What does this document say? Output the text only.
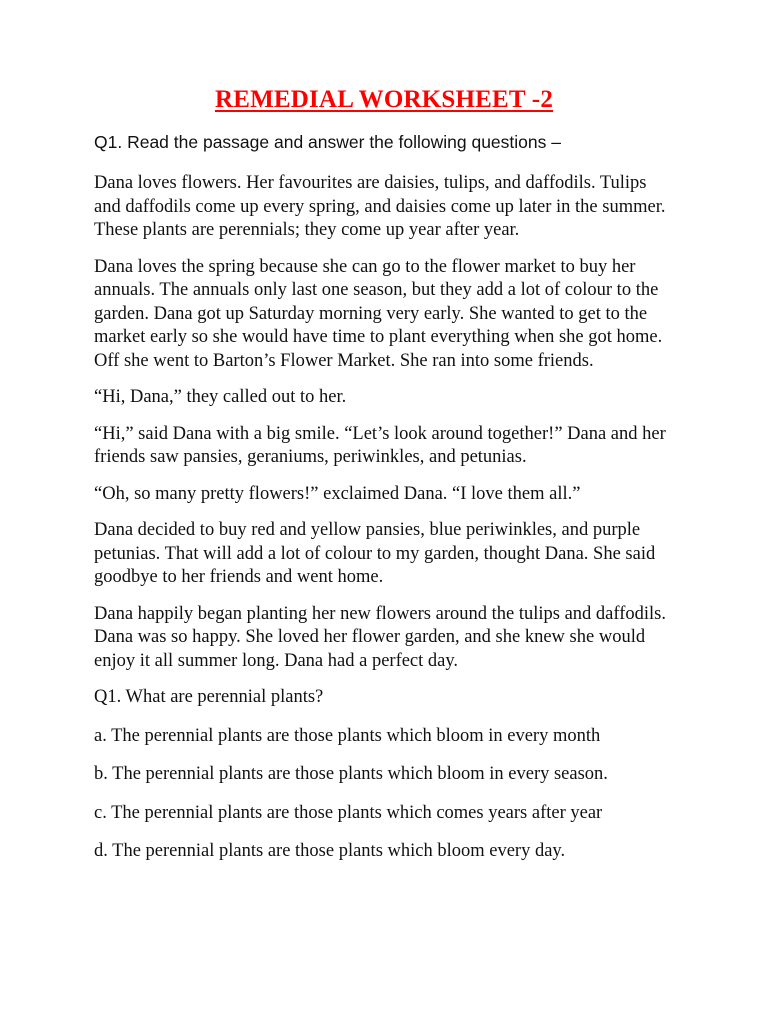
REMEDIAL WORKSHEET -2

Q1. Read the passage and answer the following questions –

Dana loves flowers. Her favourites are daisies, tulips, and daffodils. Tulips and daffodils come up every spring, and daisies come up later in the summer. These plants are perennials; they come up year after year.

Dana loves the spring because she can go to the flower market to buy her annuals. The annuals only last one season, but they add a lot of colour to the garden. Dana got up Saturday morning very early. She wanted to get to the market early so she would have time to plant everything when she got home. Off she went to Barton’s Flower Market. She ran into some friends.

“Hi, Dana,” they called out to her.

“Hi,” said Dana with a big smile. “Let’s look around together!” Dana and her friends saw pansies, geraniums, periwinkles, and petunias.

“Oh, so many pretty flowers!” exclaimed Dana. “I love them all.”

Dana decided to buy red and yellow pansies, blue periwinkles, and purple petunias. That will add a lot of colour to my garden, thought Dana. She said goodbye to her friends and went home.

Dana happily began planting her new flowers around the tulips and daffodils. Dana was so happy. She loved her flower garden, and she knew she would enjoy it all summer long. Dana had a perfect day.

Q1. What are perennial plants?

a. The perennial plants are those plants which bloom in every month

b. The perennial plants are those plants which bloom in every season.

c. The perennial plants are those plants which comes years after year

d. The perennial plants are those plants which bloom every day.
